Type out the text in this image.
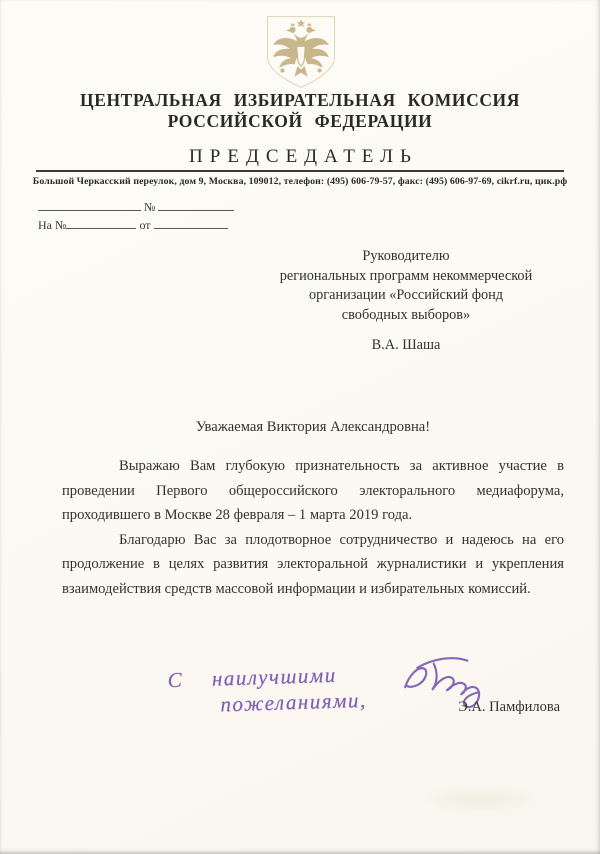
ЦЕНТРАЛЬНАЯ ИЗБИРАТЕЛЬНАЯ КОМИССИЯ
РОССИЙСКОЙ ФЕДЕРАЦИИ
ПРЕДСЕДАТЕЛЬ
Большой Черкасский переулок, дом 9, Москва, 109012, телефон: (495) 606-79-57, факс: (495) 606-97-69, cikrf.ru, цик.рф
№
На №	от
Руководителю
региональных программ некоммерческой
организации «Российский фонд
свободных выборов»
В.А. Шаша
Уважаемая Виктория Александровна!

Выражаю Вам глубокую признательность за активное участие в проведении Первого общероссийского электорального медиафорума, проходившего в Москве 28 февраля – 1 марта 2019 года.

Благодарю Вас за плодотворное сотрудничество и надеюсь на его продолжение в целях развития электоральной журналистики и укрепления взаимодействия средств массовой информации и избирательных комиссий.

С наилучшими
пожеланиями,	Э.А. Памфилова
